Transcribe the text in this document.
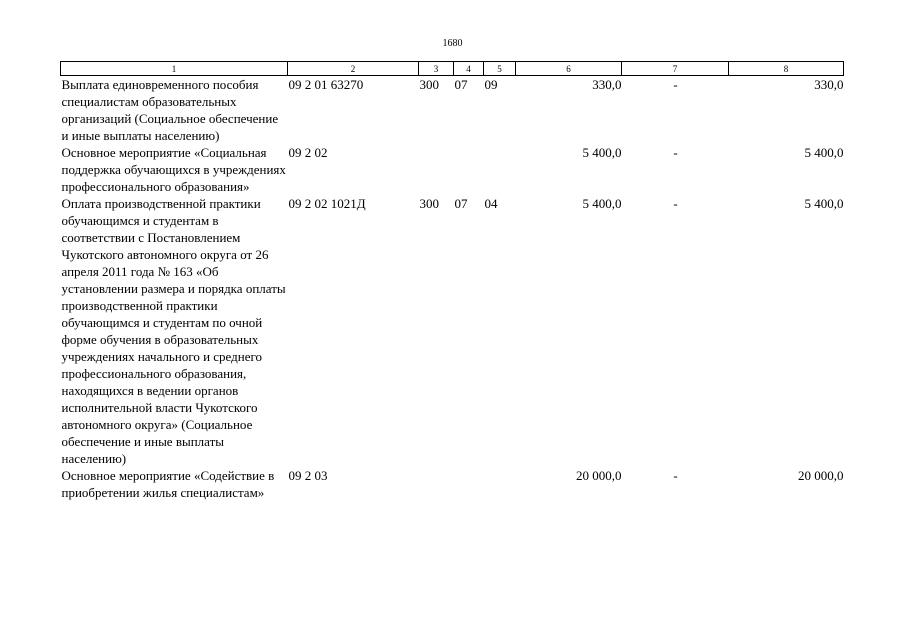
1680
1	2	3	4	5	6	7	8
Выплата единовременного пособия специалистам образовательных организаций (Социальное обеспечение и иные выплаты населению)	09 2 01 63270	300	07	09	330,0	-	330,0
Основное мероприятие «Социальная поддержка обучающихся в учреждениях профессионального образования»	09 2 02				5 400,0	-	5 400,0
Оплата производственной практики обучающимся и студентам в соответствии с Постановлением Чукотского автономного округа от 26 апреля 2011 года № 163 «Об установлении размера и порядка оплаты производственной практики обучающимся и студентам по очной форме обучения в образовательных учреждениях начального и среднего профессионального образования, находящихся в ведении органов исполнительной власти Чукотского автономного округа» (Социальное обеспечение и иные выплаты населению)	09 2 02 1021Д	300	07	04	5 400,0	-	5 400,0
Основное мероприятие «Содействие в приобретении жилья специалистам»	09 2 03				20 000,0	-	20 000,0
